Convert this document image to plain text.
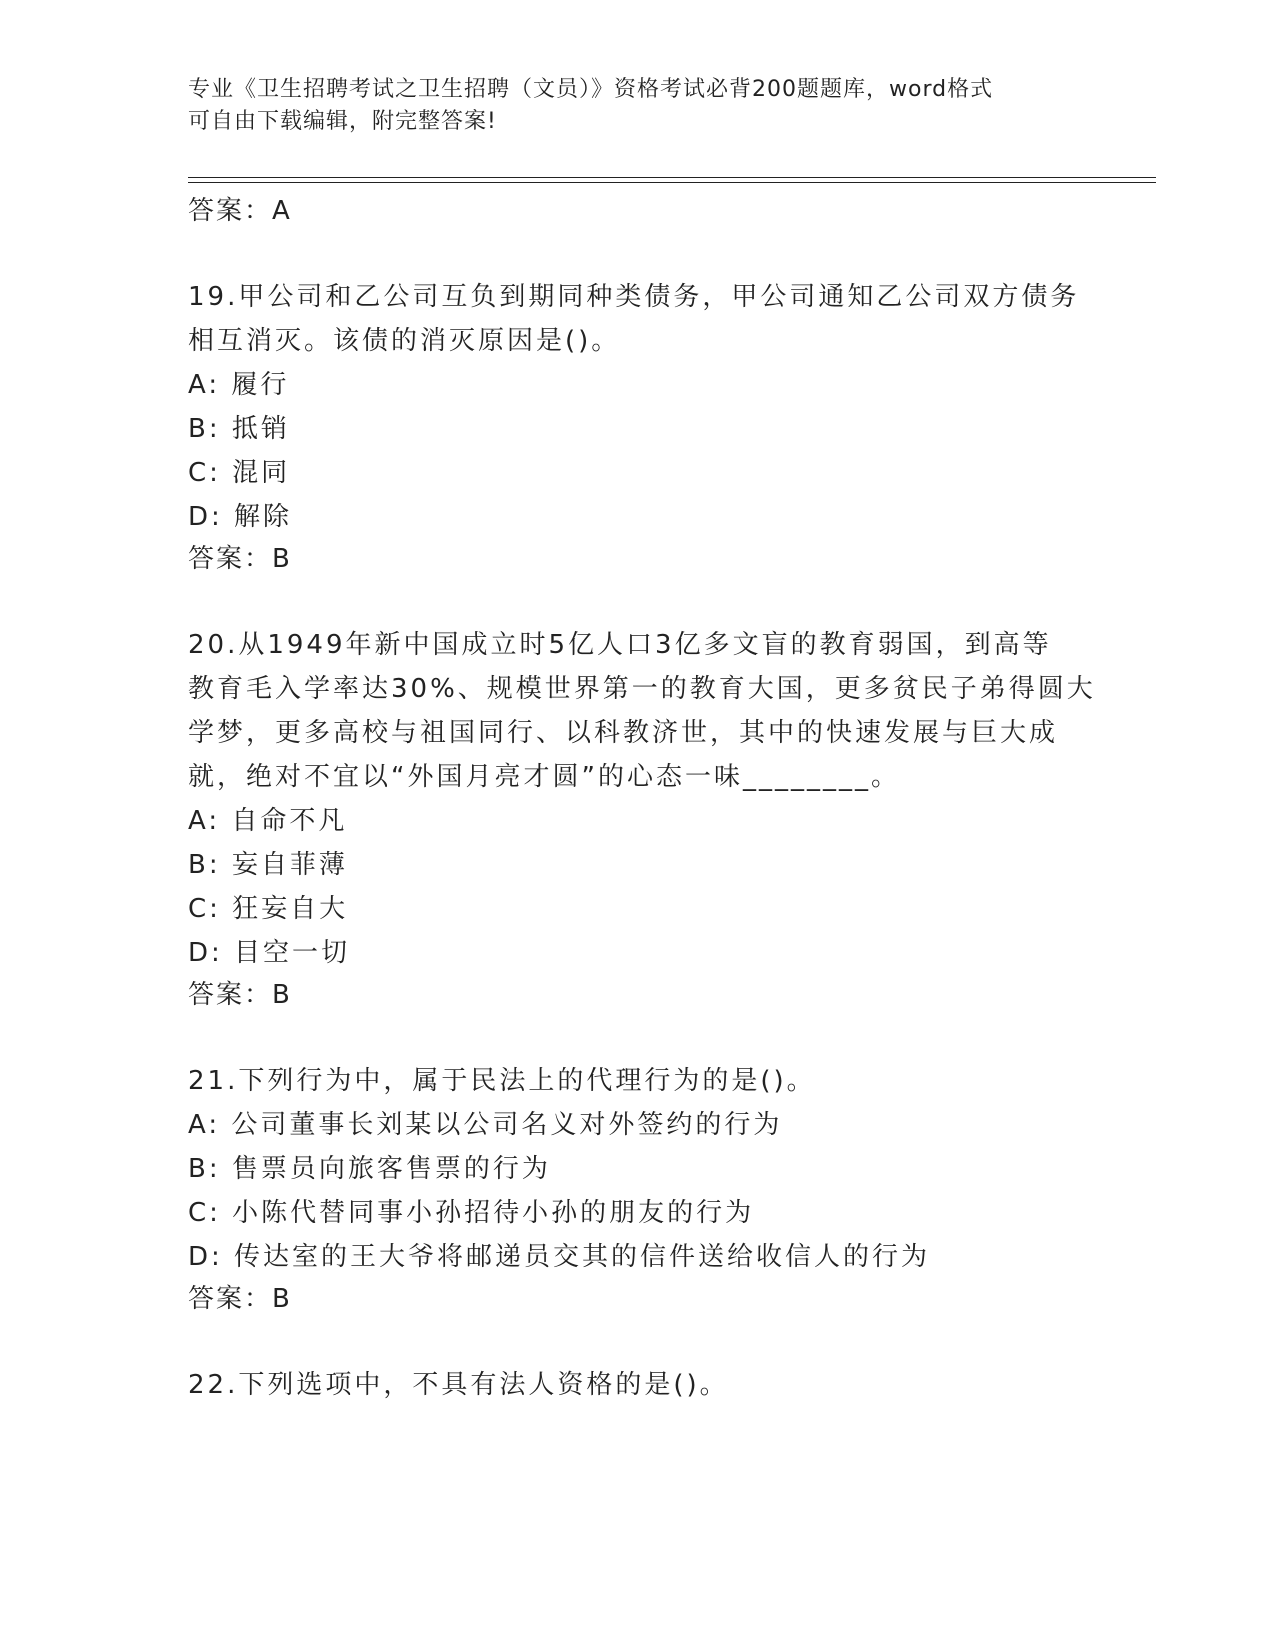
专业《卫生招聘考试之卫生招聘（文员）》资格考试必背200题题库，word格式
可自由下载编辑，附完整答案!
答案：A
19.甲公司和乙公司互负到期同种类债务，甲公司通知乙公司双方债务
相互消灭。该债的消灭原因是()。
A: 履行
B: 抵销
C: 混同
D: 解除
答案：B
20.从1949年新中国成立时5亿人口3亿多文盲的教育弱国，到高等
教育毛入学率达30%、规模世界第一的教育大国，更多贫民子弟得圆大
学梦，更多高校与祖国同行、以科教济世，其中的快速发展与巨大成
就，绝对不宜以“外国月亮才圆”的心态一味________。
A: 自命不凡
B: 妄自菲薄
C: 狂妄自大
D: 目空一切
答案：B
21.下列行为中，属于民法上的代理行为的是()。
A: 公司董事长刘某以公司名义对外签约的行为
B: 售票员向旅客售票的行为
C: 小陈代替同事小孙招待小孙的朋友的行为
D: 传达室的王大爷将邮递员交其的信件送给收信人的行为
答案：B
22.下列选项中，不具有法人资格的是()。
